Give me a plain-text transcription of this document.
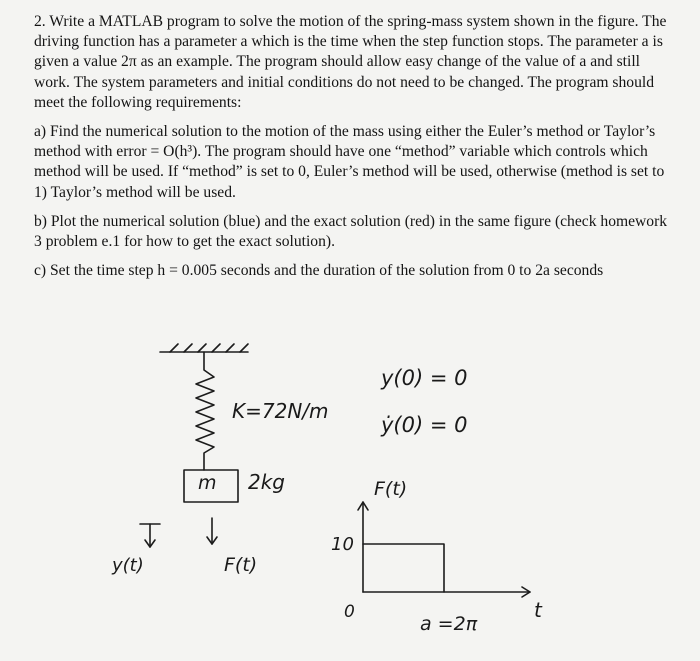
2. Write a MATLAB program to solve the motion of the spring-mass system shown in the figure. The driving function has a parameter a which is the time when the step function stops. The parameter a is given a value 2π as an example. The program should allow easy change of the value of a and still work. The system parameters and initial conditions do not need to be changed. The program should meet the following requirements:

a) Find the numerical solution to the motion of the mass using either the Euler’s method or Taylor’s method with error = O(h³). The program should have one “method” variable which controls which method will be used. If “method” is set to 0, Euler’s method will be used, otherwise (method is set to 1) Taylor’s method will be used.

b) Plot the numerical solution (blue) and the exact solution (red) in the same figure (check homework 3 problem e.1 for how to get the exact solution).

c) Set the time step h = 0.005 seconds and the duration of the solution from 0 to 2a seconds

K=72N/m
m 2kg
y(t)	F(t)
y(0) = 0
ẏ(0) = 0
F(t)
10
0
a =2π
t
